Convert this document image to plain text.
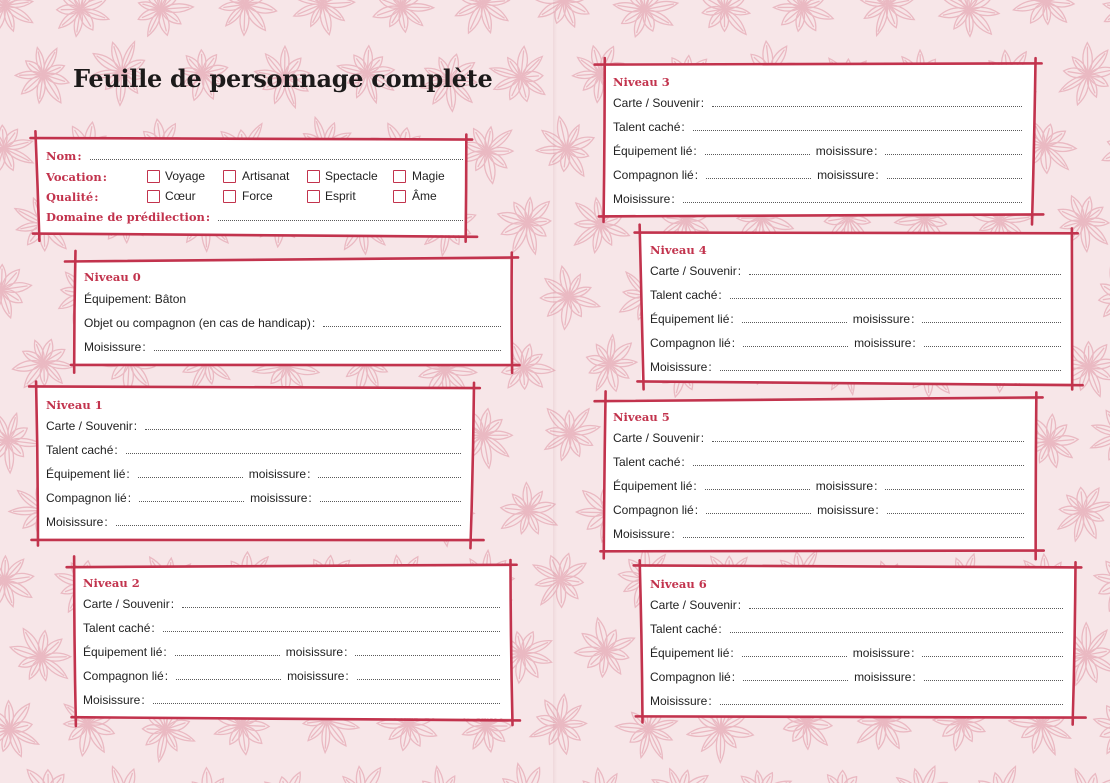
Feuille de personnage complète
Nom :
Vocation :	Voyage	Artisanat	Spectacle	Magie
Qualité :	Cœur	Force	Esprit	Âme
Domaine de prédilection :
Niveau 0
Équipement: Bâton
Objet ou compagnon (en cas de handicap) :
Moisissure :
Niveau 1
Carte / Souvenir :
Talent caché :
Équipement lié :	moisissure :
Compagnon lié :	moisissure :
Moisissure :
Niveau 2
Carte / Souvenir :
Talent caché :
Équipement lié :	moisissure :
Compagnon lié :	moisissure :
Moisissure :
Niveau 3
Carte / Souvenir :
Talent caché :
Équipement lié :	moisissure :
Compagnon lié :	moisissure :
Moisissure :
Niveau 4
Carte / Souvenir :
Talent caché :
Équipement lié :	moisissure :
Compagnon lié :	moisissure :
Moisissure :
Niveau 5
Carte / Souvenir :
Talent caché :
Équipement lié :	moisissure :
Compagnon lié :	moisissure :
Moisissure :
Niveau 6
Carte / Souvenir :
Talent caché :
Équipement lié :	moisissure :
Compagnon lié :	moisissure :
Moisissure :
